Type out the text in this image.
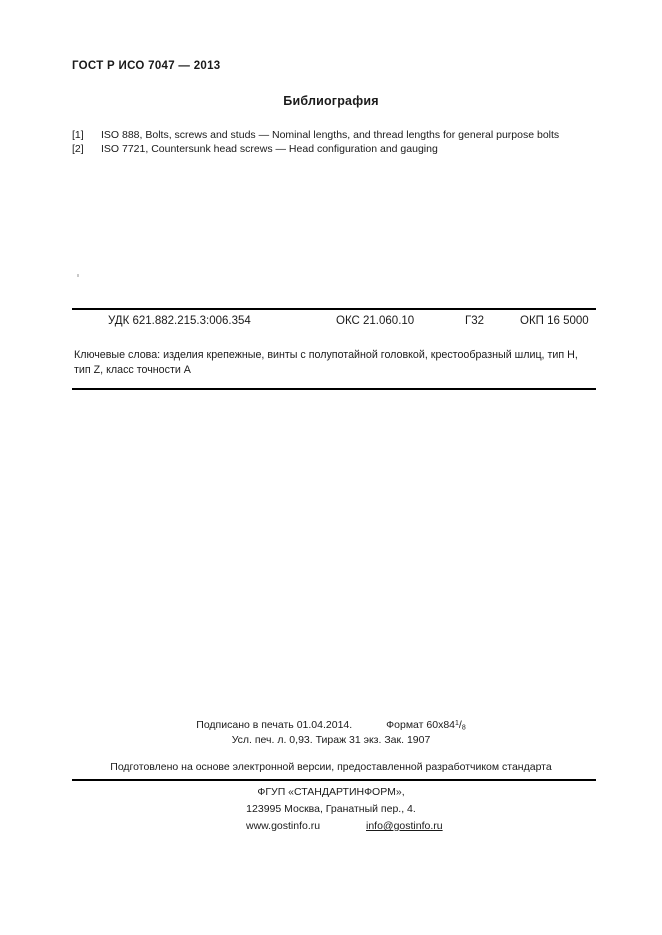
ГОСТ Р ИСО 7047 — 2013
Библиография
[1]	ISO 888, Bolts, screws and studs — Nominal lengths, and thread lengths for general purpose bolts
[2]	ISO 7721, Countersunk head screws — Head configuration and gauging
УДК 621.882.215.3:006.354	ОКС 21.060.10	Г32	ОКП 16 5000
Ключевые слова: изделия крепежные, винты с полупотайной головкой, крестообразный шлиц, тип H,
тип Z, класс точности А
Подписано в печать 01.04.2014.	Формат $60x84^1/_8$
Усл. печ. л. 0,93. Тираж 31 экз. Зак. 1907
Подготовлено на основе электронной версии, предоставленной разработчиком стандарта
ФГУП «СТАНДАРТИНФОРМ»,
123995 Москва, Гранатный пер., 4.
www.gostinfo.ru	info@gostinfo.ru
